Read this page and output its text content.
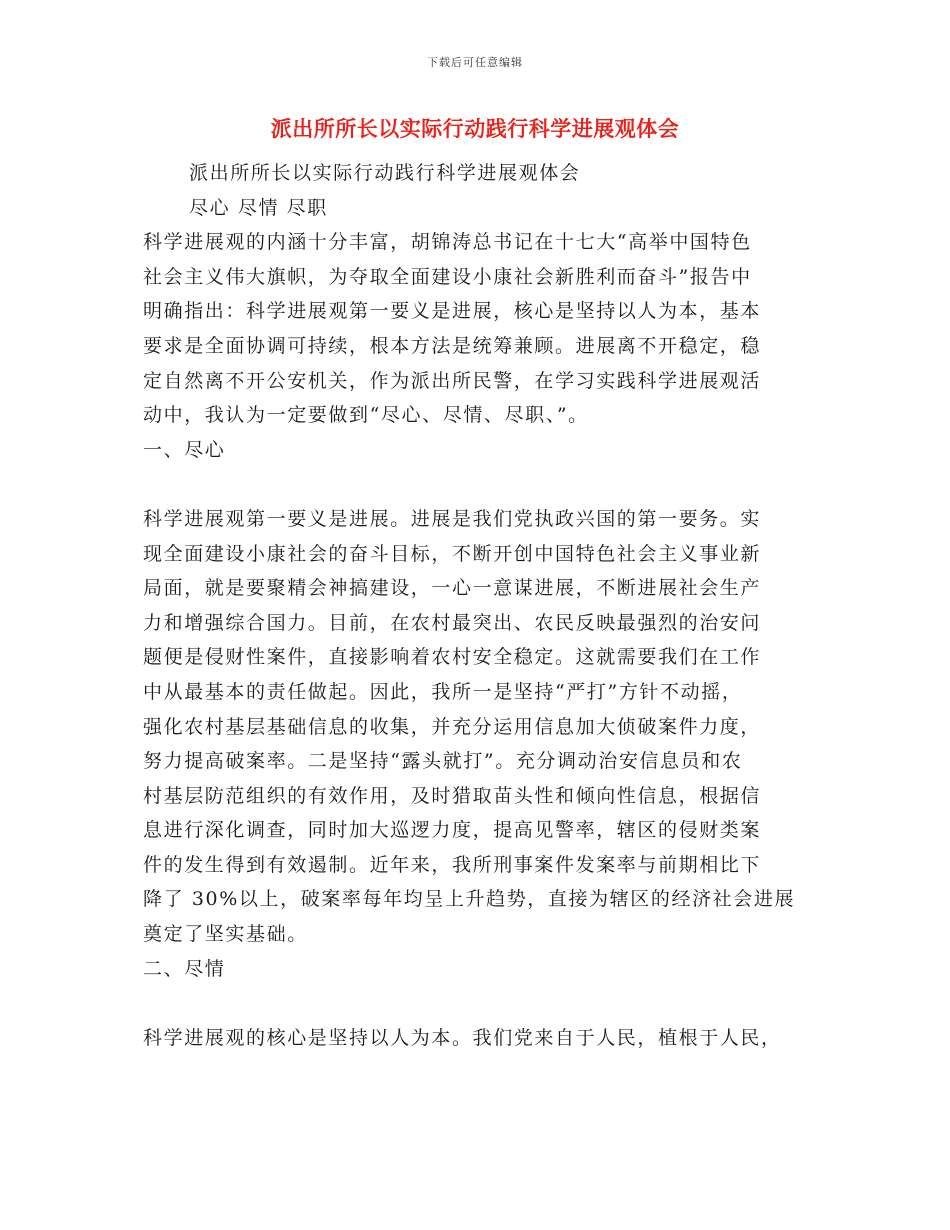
下载后可任意编辑
派出所所长以实际行动践行科学进展观体会
派出所所长以实际行动践行科学进展观体会
尽心 尽情 尽职
科学进展观的内涵十分丰富，胡锦涛总书记在十七大“高举中国特色
社会主义伟大旗帜，为夺取全面建设小康社会新胜利而奋斗”报告中
明确指出：科学进展观第一要义是进展，核心是坚持以人为本，基本
要求是全面协调可持续，根本方法是统筹兼顾。进展离不开稳定，稳
定自然离不开公安机关，作为派出所民警，在学习实践科学进展观活
动中，我认为一定要做到“尽心、尽情、尽职、”。
一、尽心
科学进展观第一要义是进展。进展是我们党执政兴国的第一要务。实
现全面建设小康社会的奋斗目标，不断开创中国特色社会主义事业新
局面，就是要聚精会神搞建设，一心一意谋进展，不断进展社会生产
力和增强综合国力。目前，在农村最突出、农民反映最强烈的治安问
题便是侵财性案件，直接影响着农村安全稳定。这就需要我们在工作
中从最基本的责任做起。因此，我所一是坚持“严打”方针不动摇，
强化农村基层基础信息的收集，并充分运用信息加大侦破案件力度，
努力提高破案率。二是坚持“露头就打”。充分调动治安信息员和农
村基层防范组织的有效作用，及时猎取苗头性和倾向性信息，根据信
息进行深化调查，同时加大巡逻力度，提高见警率，辖区的侵财类案
件的发生得到有效遏制。近年来，我所刑事案件发案率与前期相比下
降了 30%以上，破案率每年均呈上升趋势，直接为辖区的经济社会进展
奠定了坚实基础。
二、尽情
科学进展观的核心是坚持以人为本。我们党来自于人民，植根于人民，
